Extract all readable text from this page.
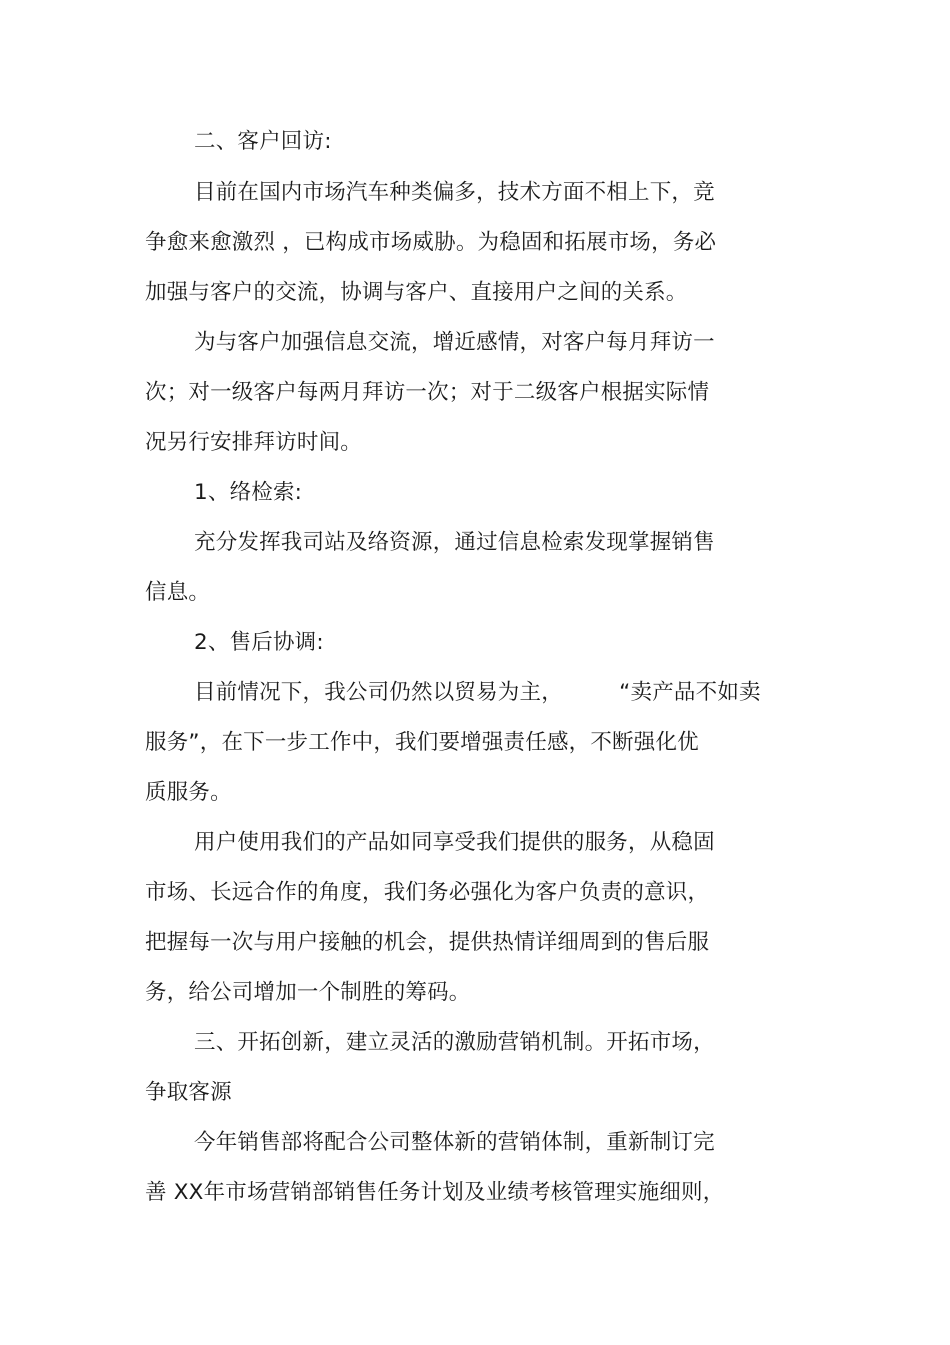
二、客户回访:
目前在国内市场汽车种类偏多，技术方面不相上下，竞
争愈来愈激烈 ，已构成市场威胁。为稳固和拓展市场，务必
加强与客户的交流，协调与客户、直接用户之间的关系。
为与客户加强信息交流，增近感情，对客户每月拜访一
次；对一级客户每两月拜访一次；对于二级客户根据实际情
况另行安排拜访时间。
1、络检索:
充分发挥我司站及络资源，通过信息检索发现掌握销售
信息。
2、售后协调:
目前情况下，我公司仍然以贸易为主，        “卖产品不如卖
服务”，在下一步工作中，我们要增强责任感，不断强化优
质服务。
用户使用我们的产品如同享受我们提供的服务，从稳固
市场、长远合作的角度，我们务必强化为客户负责的意识，
把握每一次与用户接触的机会，提供热情详细周到的售后服
务，给公司增加一个制胜的筹码。
三、开拓创新，建立灵活的激励营销机制。开拓市场，
争取客源
今年销售部将配合公司整体新的营销体制，重新制订完
善 XX年市场营销部销售任务计划及业绩考核管理实施细则，
